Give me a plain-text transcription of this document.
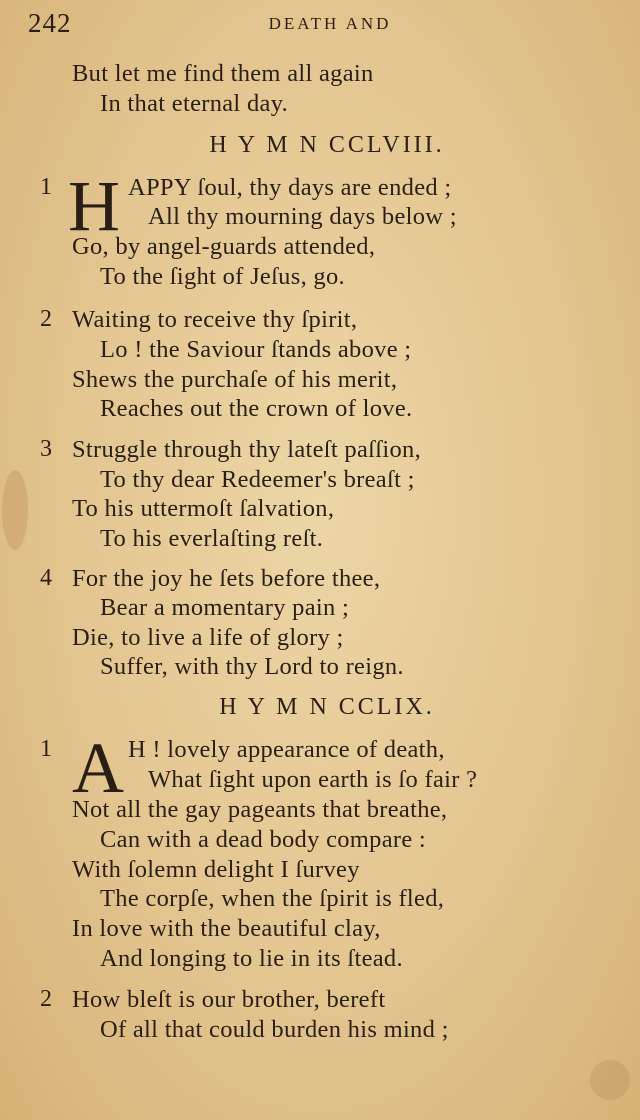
242	DEATH AND
But let me find them all again
In that eternal day.
H Y M N CCLVIII.
1 H APPY ſoul, thy days are ended ;
All thy mourning days below ;
Go, by angel-guards attended,
To the ſight of Jeſus, go.
2 Waiting to receive thy ſpirit,
Lo ! the Saviour ſtands above ;
Shews the purchaſe of his merit,
Reaches out the crown of love.
3 Struggle through thy lateſt paſſion,
To thy dear Redeemer's breaſt ;
To his uttermoſt ſalvation,
To his everlaſting reſt.
4 For the joy he ſets before thee,
Bear a momentary pain ;
Die, to live a life of glory ;
Suffer, with thy Lord to reign.
H Y M N CCLIX.
1 A H ! lovely appearance of death,
What ſight upon earth is ſo fair ?
Not all the gay pageants that breathe,
Can with a dead body compare :
With ſolemn delight I ſurvey
The corpſe, when the ſpirit is fled,
In love with the beautiful clay,
And longing to lie in its ſtead.
2 How bleſt is our brother, bereft
Of all that could burden his mind ;
